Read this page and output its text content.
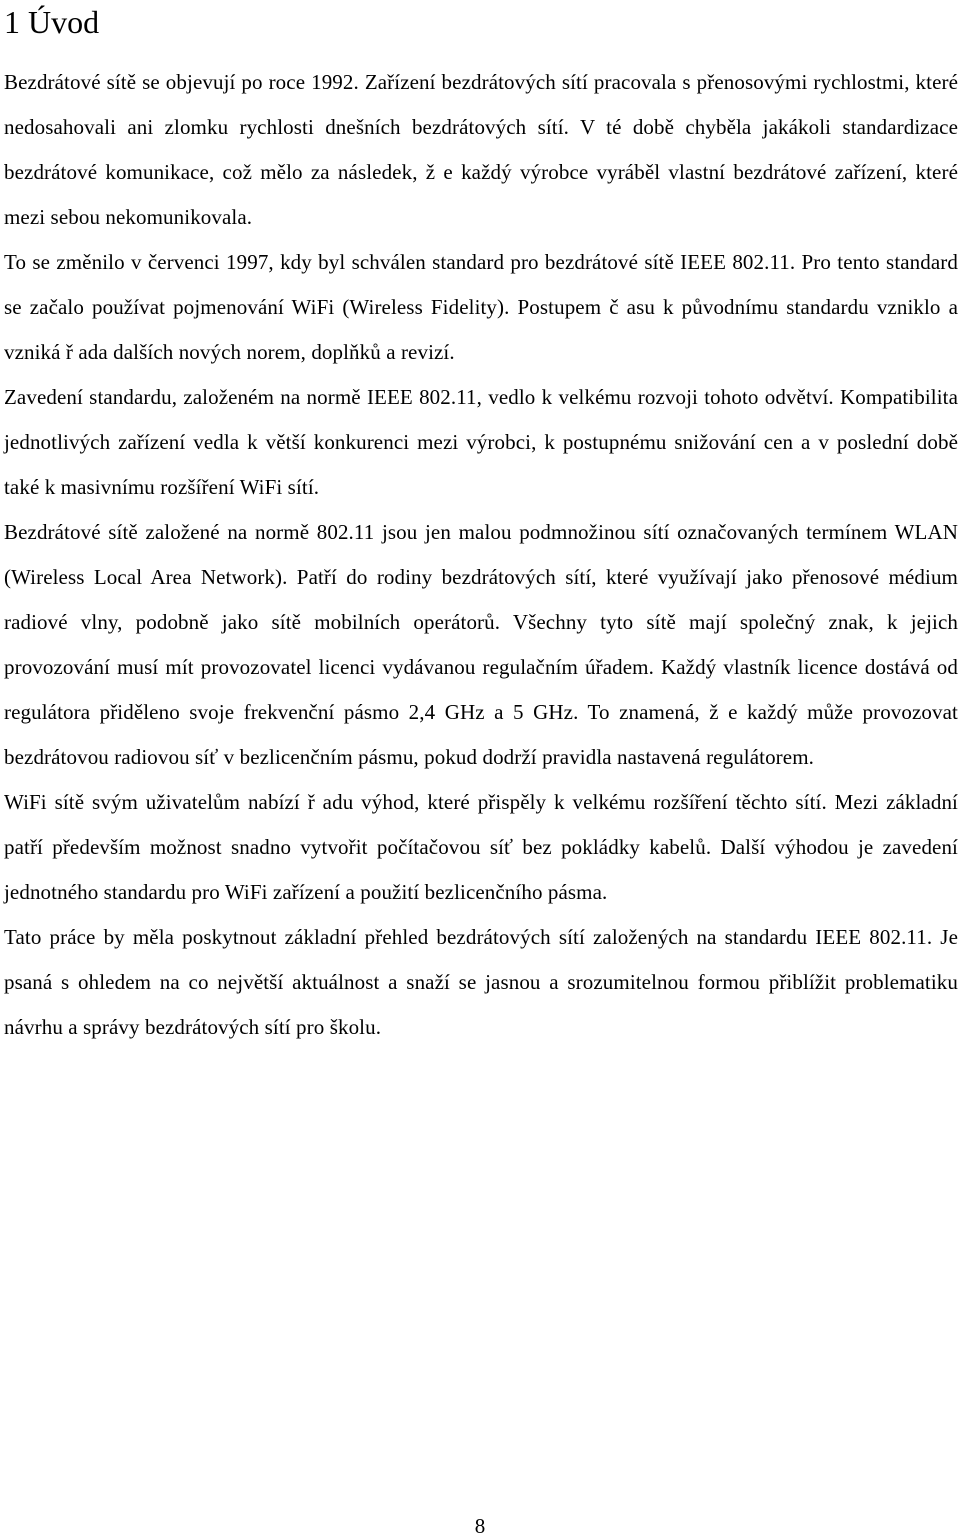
1 Úvod

Bezdrátové sítě se objevují po roce 1992. Zařízení bezdrátových sítí pracovala s přenosovými rychlostmi, které nedosahovali ani zlomku rychlosti dnešních bezdrátových sítí. V té době chyběla jakákoli standardizace bezdrátové komunikace, což mělo za následek, ž e každý výrobce vyráběl vlastní bezdrátové zařízení, které mezi sebou nekomunikovala.

To se změnilo v červenci 1997, kdy byl schválen standard pro bezdrátové sítě IEEE 802.11. Pro tento standard se začalo používat pojmenování WiFi (Wireless Fidelity). Postupem č asu k původnímu standardu vzniklo a vzniká ř ada dalších nových norem, doplňků a revizí.

Zavedení standardu, založeném na normě IEEE 802.11, vedlo k velkému rozvoji tohoto odvětví. Kompatibilita jednotlivých zařízení vedla k větší konkurenci mezi výrobci, k postupnému snižování cen a v poslední době také k masivnímu rozšíření WiFi sítí.

Bezdrátové sítě založené na normě 802.11 jsou jen malou podmnožinou sítí označovaných termínem WLAN (Wireless Local Area Network). Patří do rodiny bezdrátových sítí, které využívají jako přenosové médium radiové vlny, podobně jako sítě mobilních operátorů. Všechny tyto sítě mají společný znak, k jejich provozování musí mít provozovatel licenci vydávanou regulačním úřadem. Každý vlastník licence dostává od regulátora přiděleno svoje frekvenční pásmo 2,4 GHz a 5 GHz. To znamená, ž e každý může provozovat bezdrátovou radiovou síť v bezlicenčním pásmu, pokud dodrží pravidla nastavená regulátorem.

WiFi sítě svým uživatelům nabízí ř adu výhod, které přispěly k velkému rozšíření těchto sítí. Mezi základní patří především možnost snadno vytvořit počítačovou síť bez pokládky kabelů. Další výhodou je zavedení jednotného standardu pro WiFi zařízení a použití bezlicenčního pásma.

Tato práce by měla poskytnout základní přehled bezdrátových sítí založených na standardu IEEE 802.11. Je psaná s ohledem na co největší aktuálnost a snaží se jasnou a srozumitelnou formou přiblížit problematiku návrhu a správy bezdrátových sítí pro školu.

8
